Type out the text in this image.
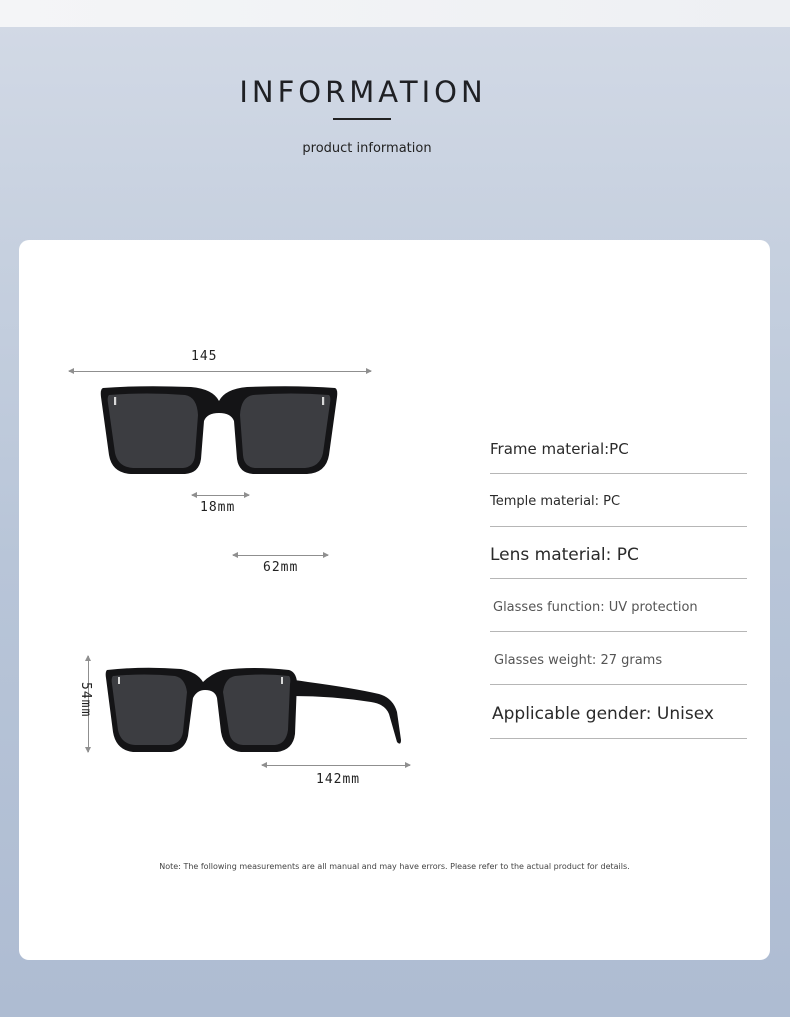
INFORMATION
product information
145
18mm
62mm
54mm
142mm
Frame material:PC
Temple material: PC
Lens material: PC
Glasses function: UV protection
Glasses weight: 27 grams
Applicable gender: Unisex
Note: The following measurements are all manual and may have errors. Please refer to the actual product for details.
